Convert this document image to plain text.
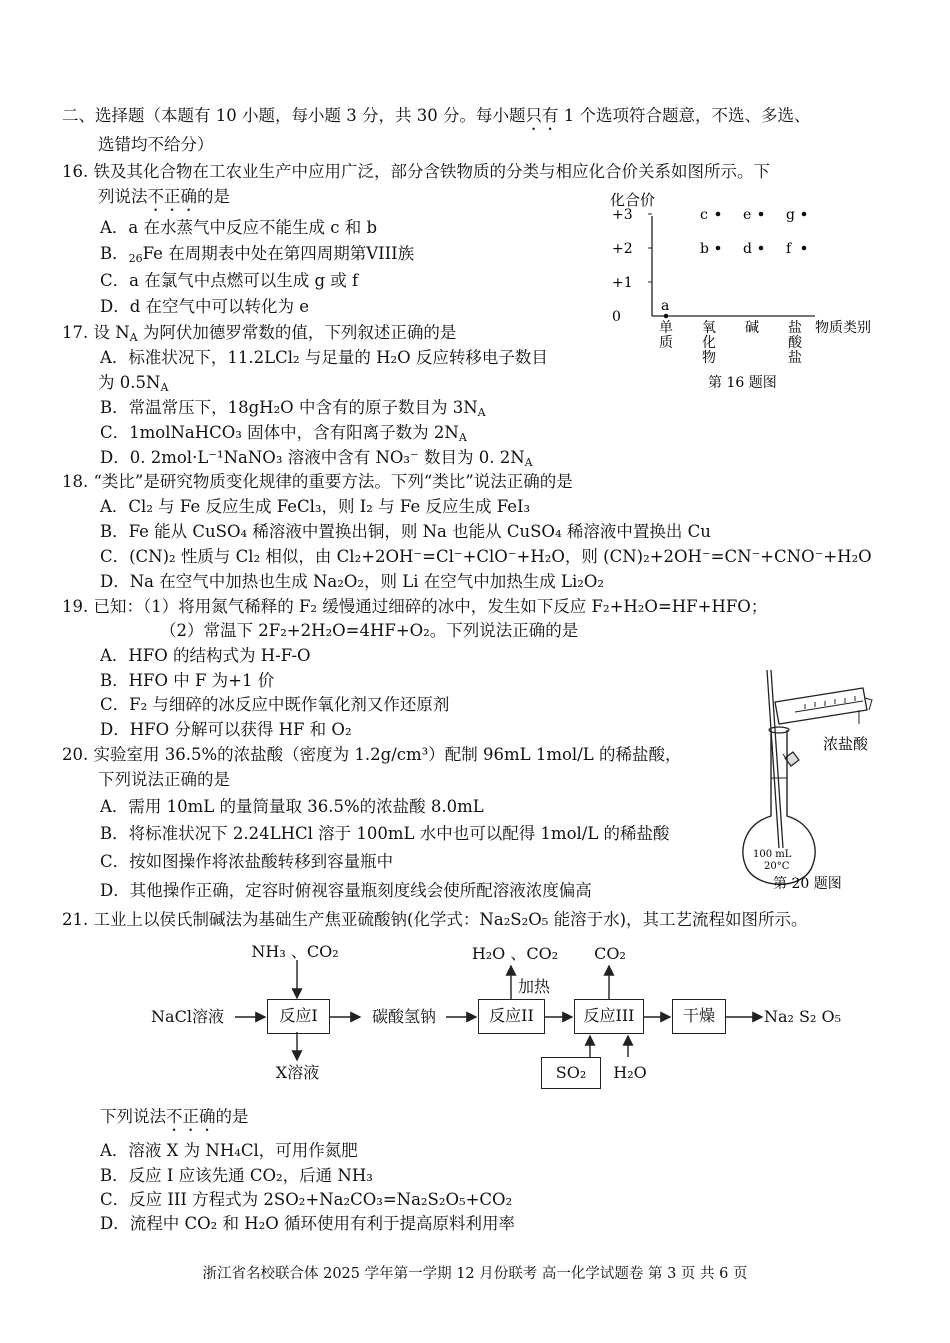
二、选择题（本题有 10 小题，每小题 3 分，共 30 分。每小题只有 1 个选项符合题意，不选、多选、
选错均不给分）
16. 铁及其化合物在工农业生产中应用广泛，部分含铁物质的分类与相应化合价关系如图所示。下
列说法不正确的是
A．a 在水蒸气中反应不能生成 c 和 b
B．$_{26}$Fe 在周期表中处在第四周期第VIII族
C．a 在氯气中点燃可以生成 g 或 f
D．d 在空气中可以转化为 e
化合价
+3
+2
+1
0
单
质
氧
化
物
碱 盐
酸
盐
a
b
c
d
e
f
g
物质类别
第 16 题图
17. 设 $N_A$ 为阿伏加德罗常数的值，下列叙述正确的是
A．标准状况下，11.2LCl₂ 与足量的 H₂O 反应转移电子数目
为 $0.5N_A$
B．常温常压下，18gH₂O 中含有的原子数目为 $3N_A$
C．1molNaHCO₃ 固体中，含有阳离子数为 $2N_A$
D．0. 2mol·L⁻¹NaNO₃ 溶液中含有 NO₃⁻ 数目为 0. $2N_A$
18. “类比”是研究物质变化规律的重要方法。下列“类比”说法正确的是
A．Cl₂ 与 Fe 反应生成 FeCl₃，则 I₂ 与 Fe 反应生成 FeI₃
B．Fe 能从 CuSO₄ 稀溶液中置换出铜，则 Na 也能从 CuSO₄ 稀溶液中置换出 Cu
C．(CN)₂ 性质与 Cl₂ 相似，由 Cl₂+2OH⁻=Cl⁻+ClO⁻+H₂O，则 (CN)₂+2OH⁻=CN⁻+CNO⁻+H₂O
D．Na 在空气中加热也生成 Na₂O₂，则 Li 在空气中加热生成 Li₂O₂
19. 已知：（1）将用氮气稀释的 F₂ 缓慢通过细碎的冰中，发生如下反应 F₂+H₂O=HF+HFO；
（2）常温下 2F₂+2H₂O=4HF+O₂。下列说法正确的是
A．HFO 的结构式为 H-F-O
B．HFO 中 F 为+1 价
C．F₂ 与细碎的冰反应中既作氧化剂又作还原剂
D．HFO 分解可以获得 HF 和 O₂
20. 实验室用 36.5%的浓盐酸（密度为 1.2g/cm³）配制 96mL 1mol/L 的稀盐酸，
下列说法正确的是
A．需用 10mL 的量筒量取 36.5%的浓盐酸 8.0mL
B．将标准状况下 2.24LHCl 溶于 100mL 水中也可以配得 1mol/L 的稀盐酸
C．按如图操作将浓盐酸转移到容量瓶中
D．其他操作正确，定容时俯视容量瓶刻度线会使所配溶液浓度偏高
100 mL
20°C
浓盐酸
第 20 题图
21. 工业上以侯氏制碱法为基础生产焦亚硫酸钠(化学式：Na₂S₂O₅ 能溶于水)，其工艺流程如图所示。
NaCl溶液
NH₃ 、CO₂
反应I
X溶液
碳酸氢钠
H₂O 、CO₂
加热
反应II
CO₂
反应III
SO₂	H₂O
干燥	Na₂ S₂ O₅
下列说法不正确的是
A．溶液 X 为 NH₄Cl，可用作氮肥
B．反应 I 应该先通 CO₂，后通 NH₃
C．反应 III 方程式为 2SO₂+Na₂CO₃=Na₂S₂O₅+CO₂
D．流程中 CO₂ 和 H₂O 循环使用有利于提高原料利用率
浙江省名校联合体 2025 学年第一学期 12 月份联考 高一化学试题卷 第 3 页 共 6 页
